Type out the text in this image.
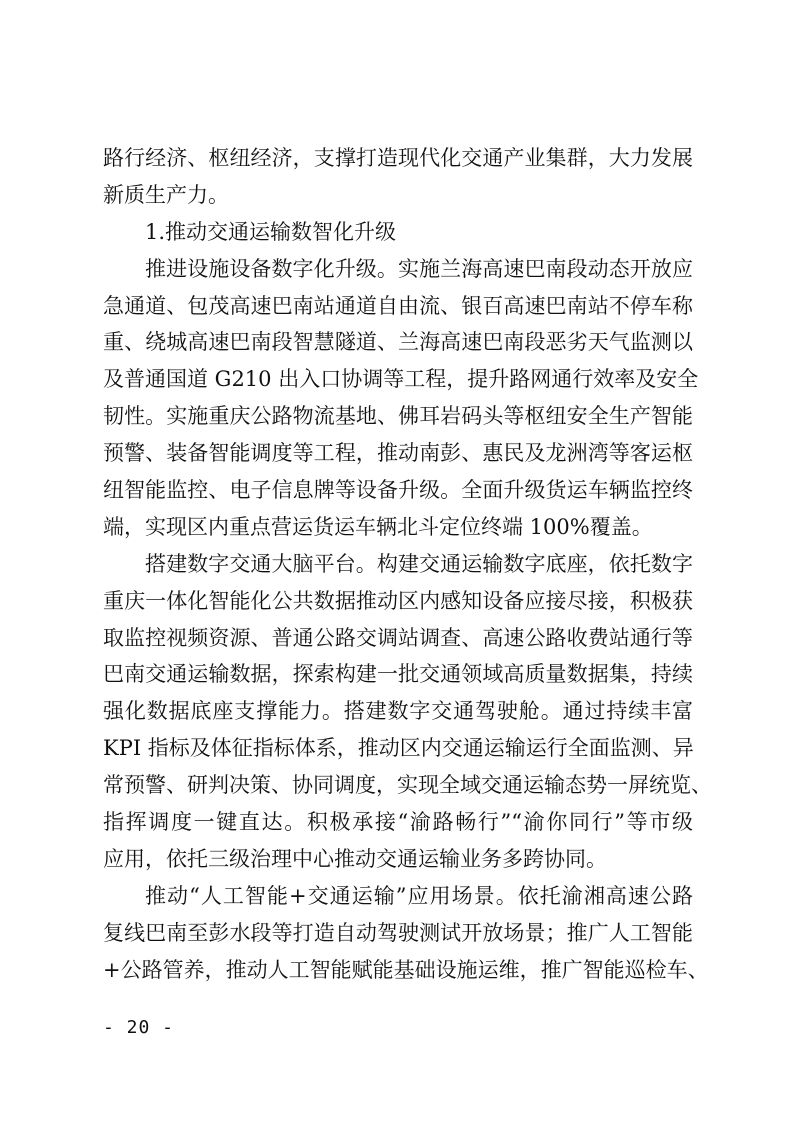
路行经济、枢纽经济，支撑打造现代化交通产业集群，大力发展
新质生产力。
1.推动交通运输数智化升级
推进设施设备数字化升级。实施兰海高速巴南段动态开放应
急通道、包茂高速巴南站通道自由流、银百高速巴南站不停车称
重、绕城高速巴南段智慧隧道、兰海高速巴南段恶劣天气监测以
及普通国道 G210 出入口协调等工程，提升路网通行效率及安全
韧性。实施重庆公路物流基地、佛耳岩码头等枢纽安全生产智能
预警、装备智能调度等工程，推动南彭、惠民及龙洲湾等客运枢
纽智能监控、电子信息牌等设备升级。全面升级货运车辆监控终
端，实现区内重点营运货运车辆北斗定位终端 100%覆盖。
搭建数字交通大脑平台。构建交通运输数字底座，依托数字
重庆一体化智能化公共数据推动区内感知设备应接尽接，积极获
取监控视频资源、普通公路交调站调查、高速公路收费站通行等
巴南交通运输数据，探索构建一批交通领域高质量数据集，持续
强化数据底座支撑能力。搭建数字交通驾驶舱。通过持续丰富
KPI 指标及体征指标体系，推动区内交通运输运行全面监测、异
常预警、研判决策、协同调度，实现全域交通运输态势一屏统览、
指挥调度一键直达。积极承接“渝路畅行”“渝你同行”等市级
应用，依托三级治理中心推动交通运输业务多跨协同。
推动“人工智能+交通运输”应用场景。依托渝湘高速公路
复线巴南至彭水段等打造自动驾驶测试开放场景；推广人工智能
+公路管养，推动人工智能赋能基础设施运维，推广智能巡检车、
- 20 -
